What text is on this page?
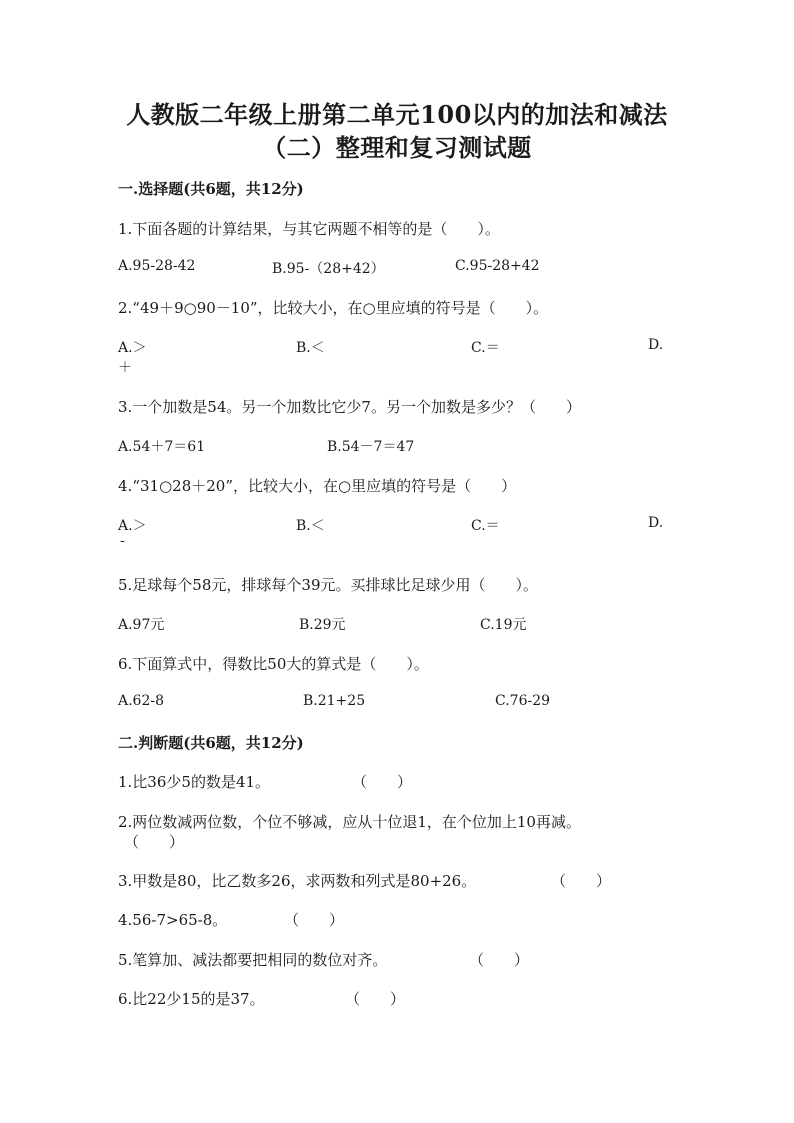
人教版二年级上册第二单元100以内的加法和减法
（二）整理和复习测试题
一.选择题(共6题，共12分)
1.下面各题的计算结果，与其它两题不相等的是（　　）。
A.95-28-42	B.95-（28+42）	C.95-28+42
2.“49＋9○90－10”，比较大小，在○里应填的符号是（　　）。
A.＞	B.＜	C.＝	D.
＋
3.一个加数是54。另一个加数比它少7。另一个加数是多少？（　　）
A.54＋7＝61	B.54－7＝47
4.“31○28＋20”，比较大小，在○里应填的符号是（　　）
A.＞	B.＜	C.＝	D.
-
5.足球每个58元，排球每个39元。买排球比足球少用（　　）。
A.97元	B.29元	C.19元
6.下面算式中，得数比50大的算式是（　　）。
A.62-8	B.21+25	C.76-29
二.判断题(共6题，共12分)
1.比36少5的数是41。	（　　）
2.两位数减两位数，个位不够减，应从十位退1，在个位加上10再减。
（　　）
3.甲数是80，比乙数多26，求两数和列式是80+26。	（　　）
4.56-7>65-8。	（　　）
5.笔算加、减法都要把相同的数位对齐。	（　　）
6.比22少15的是37。	（　　）
